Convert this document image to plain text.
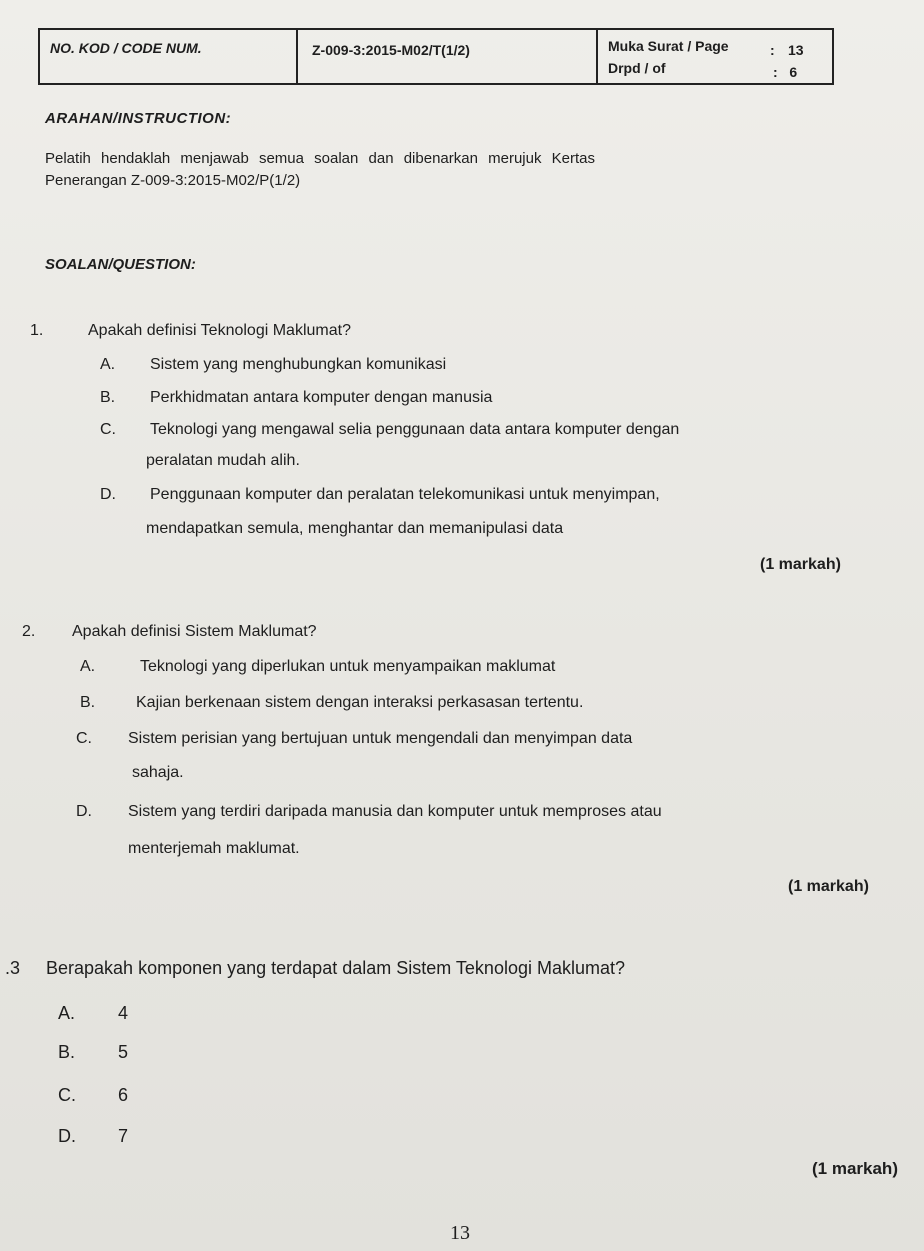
NO. KOD / CODE NUM.	Z-009-3:2015-M02/T(1/2)	Muka Surat / Page	: 13
Drpd / of	: 6
ARAHAN/INSTRUCTION:
Pelatih hendaklah menjawab semua soalan dan dibenarkan merujuk Kertas
Penerangan Z-009-3:2015-M02/P(1/2)
SOALAN/QUESTION:
1.	Apakah definisi Teknologi Maklumat?
A. Sistem yang menghubungkan komunikasi
B. Perkhidmatan antara komputer dengan manusia
C. Teknologi yang mengawal selia penggunaan data antara komputer dengan
peralatan mudah alih.
D. Penggunaan komputer dan peralatan telekomunikasi untuk menyimpan,
mendapatkan semula, menghantar dan memanipulasi data
(1 markah)
2. Apakah definisi Sistem Maklumat?
A.	Teknologi yang diperlukan untuk menyampaikan maklumat
B.	Kajian berkenaan sistem dengan interaksi perkasasan tertentu.
C. Sistem perisian yang bertujuan untuk mengendali dan menyimpan data
sahaja.
D. Sistem yang terdiri daripada manusia dan komputer untuk memproses atau
menterjemah maklumat.
(1 markah)
3. Berapakah komponen yang terdapat dalam Sistem Teknologi Maklumat?
A. 4
B. 5
C. 6
D. 7
(1 markah)
13
